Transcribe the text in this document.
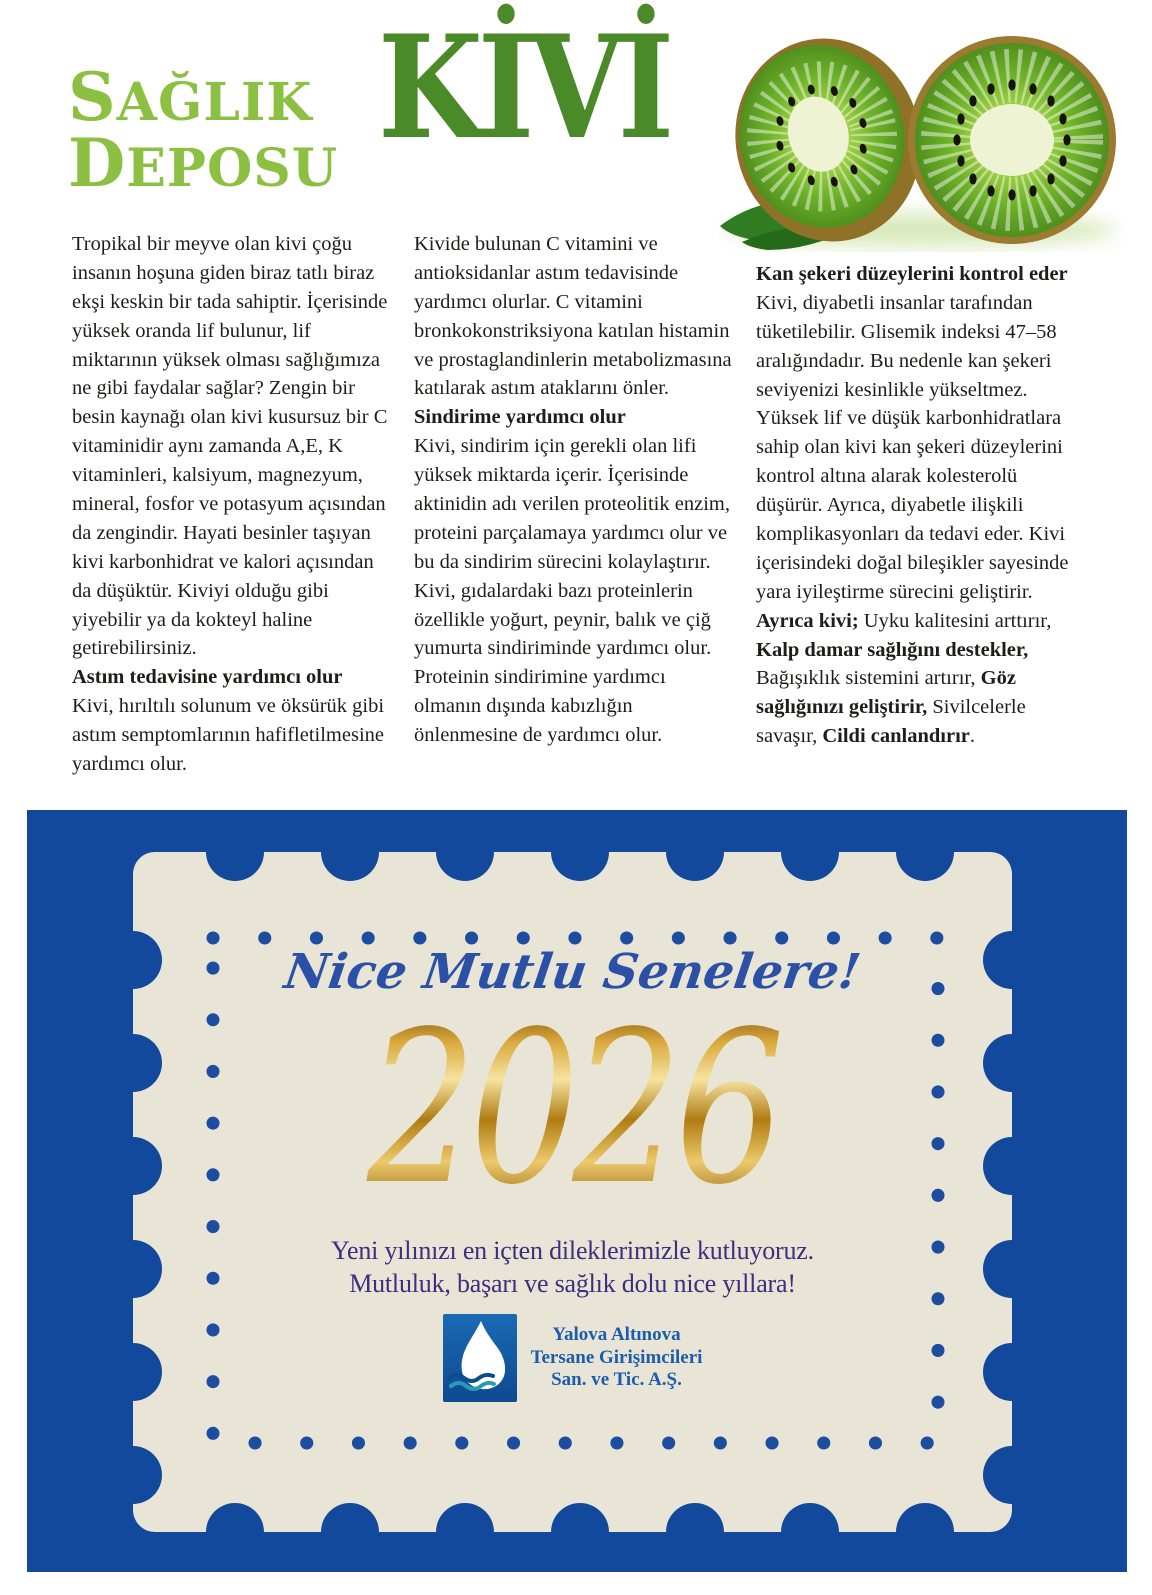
SAĞLIK
DEPOSU KİVİ

Tropikal bir meyve olan kivi çoğu insanın hoşuna giden biraz tatlı biraz ekşi keskin bir tada sahiptir. İçerisinde yüksek oranda lif bulunur, lif miktarının yüksek olması sağlığımıza ne gibi faydalar sağlar? Zengin bir besin kaynağı olan kivi kusursuz bir C vitaminidir aynı zamanda A,E, K vitaminleri, kalsiyum, magnezyum, mineral, fosfor ve potasyum açısından da zengindir. Hayati besinler taşıyan kivi karbonhidrat ve kalori açısından da düşüktür. Kiviyi olduğu gibi yiyebilir ya da kokteyl haline getirebilirsiniz.

Astım tedavisine yardımcı olur

Kivi, hırıltılı solunum ve öksürük gibi astım semptomlarının hafifletilmesine yardımcı olur.

Kivide bulunan C vitamini ve antioksidanlar astım tedavisinde yardımcı olurlar. C vitamini bronkokonstriksiyona katılan histamin ve prostaglandinlerin metabolizmasına katılarak astım ataklarını önler.

Sindirime yardımcı olur

Kivi, sindirim için gerekli olan lifi yüksek miktarda içerir. İçerisinde aktinidin adı verilen proteolitik enzim, proteini parçalamaya yardımcı olur ve bu da sindirim sürecini kolaylaştırır. Kivi, gıdalardaki bazı proteinlerin özellikle yoğurt, peynir, balık ve çiğ yumurta sindiriminde yardımcı olur. Proteinin sindirimine yardımcı olmanın dışında kabızlığın önlenmesine de yardımcı olur.

Kan şekeri düzeylerini kontrol eder

Kivi, diyabetli insanlar tarafından tüketilebilir. Glisemik indeksi 47–58 aralığındadır. Bu nedenle kan şekeri seviyenizi kesinlikle yükseltmez. Yüksek lif ve düşük karbonhidratlara sahip olan kivi kan şekeri düzeylerini kontrol altına alarak kolesterolü düşürür. Ayrıca, diyabetle ilişkili komplikasyonları da tedavi eder. Kivi içerisindeki doğal bileşikler sayesinde yara iyileştirme sürecini geliştirir.

Ayrıca kivi; Uyku kalitesini arttırır, Kalp damar sağlığını destekler, Bağışıklık sistemini artırır, Göz sağlığınızı geliştirir, Sivilcelerle savaşır, Cildi canlandırır.

Nice Mutlu Senelere!
2026
Yeni yılınızı en içten dileklerimizle kutluyoruz.
Mutluluk, başarı ve sağlık dolu nice yıllara!
Yalova Altınova
Tersane Girişimcileri
San. ve Tic. A.Ş.
